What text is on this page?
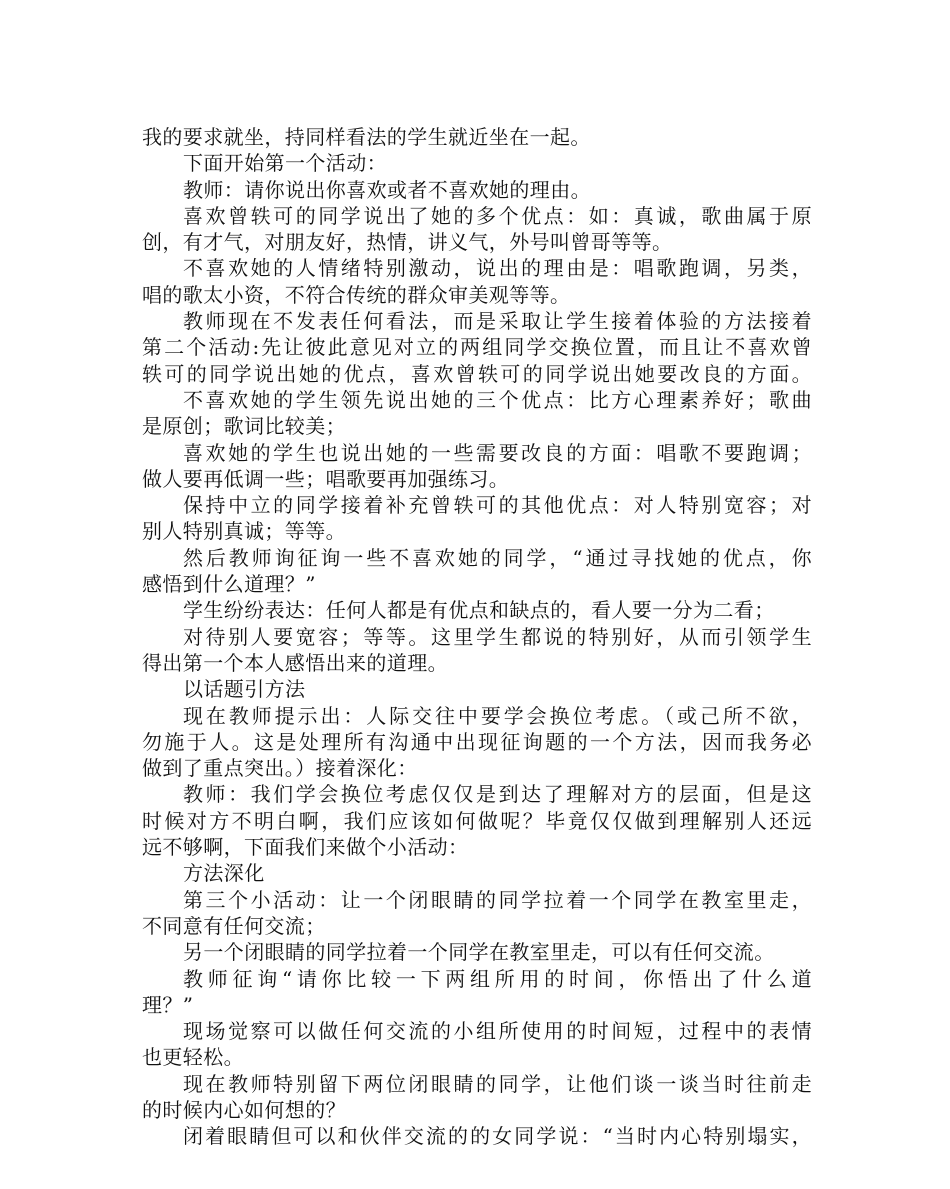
我的要求就坐，持同样看法的学生就近坐在一起。
下面开始第一个活动：
教师：请你说出你喜欢或者不喜欢她的理由。
喜欢曾轶可的同学说出了她的多个优点：如：真诚，歌曲属于原
创，有才气，对朋友好，热情，讲义气，外号叫曾哥等等。
不喜欢她的人情绪特别激动，说出的理由是：唱歌跑调，另类，
唱的歌太小资，不符合传统的群众审美观等等。
教师现在不发表任何看法，而是采取让学生接着体验的方法接着
第二个活动:先让彼此意见对立的两组同学交换位置，而且让不喜欢曾
轶可的同学说出她的优点，喜欢曾轶可的同学说出她要改良的方面。
不喜欢她的学生领先说出她的三个优点：比方心理素养好；歌曲
是原创；歌词比较美；
喜欢她的学生也说出她的一些需要改良的方面：唱歌不要跑调；
做人要再低调一些；唱歌要再加强练习。
保持中立的同学接着补充曾轶可的其他优点：对人特别宽容；对
别人特别真诚；等等。
然后教师询征询一些不喜欢她的同学，“通过寻找她的优点，你
感悟到什么道理？”
学生纷纷表达：任何人都是有优点和缺点的，看人要一分为二看；
对待别人要宽容；等等。这里学生都说的特别好，从而引领学生
得出第一个本人感悟出来的道理。
以话题引方法
现在教师提示出：人际交往中要学会换位考虑。（或己所不欲，
勿施于人。这是处理所有沟通中出现征询题的一个方法，因而我务必
做到了重点突出。）接着深化：
教师：我们学会换位考虑仅仅是到达了理解对方的层面，但是这
时候对方不明白啊，我们应该如何做呢？毕竟仅仅做到理解别人还远
远不够啊，下面我们来做个小活动：
方法深化
第三个小活动：让一个闭眼睛的同学拉着一个同学在教室里走，
不同意有任何交流；
另一个闭眼睛的同学拉着一个同学在教室里走，可以有任何交流。
教师征询“请你比较一下两组所用的时间，你悟出了什么道
理？”
现场觉察可以做任何交流的小组所使用的时间短，过程中的表情
也更轻松。
现在教师特别留下两位闭眼睛的同学，让他们谈一谈当时往前走
的时候内心如何想的？
闭着眼睛但可以和伙伴交流的的女同学说：“当时内心特别塌实，
